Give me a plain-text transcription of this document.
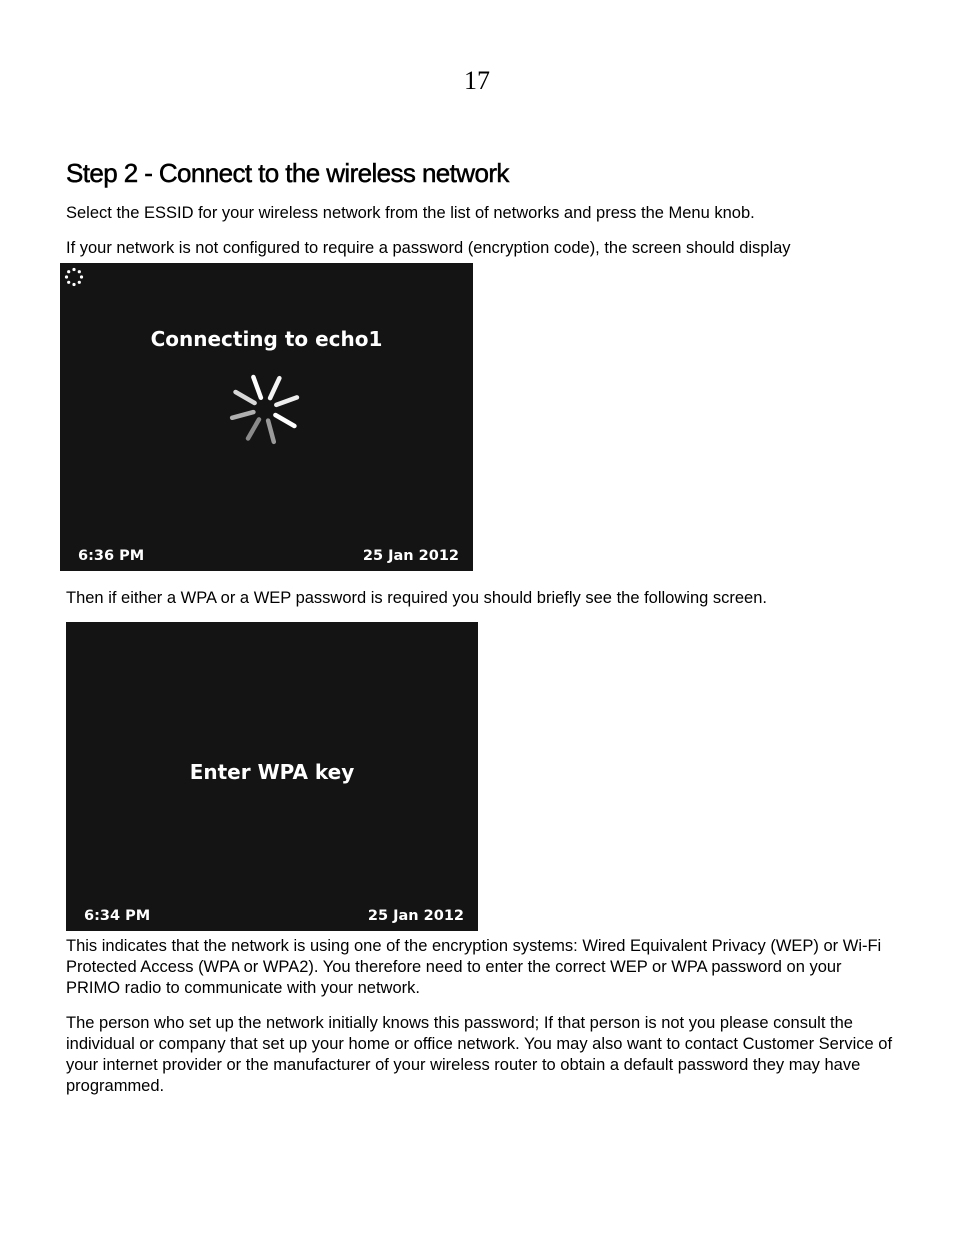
17
Step 2 - Connect to the wireless network

Select the ESSID for your wireless network from the list of networks and press the Menu knob.

If your network is not configured to require a password (encryption code), the screen should display

Connecting to echo1
6:36 PM	25 Jan 2012

Then if either a WPA or a WEP password is required you should briefly see the following screen.

Enter WPA key
6:34 PM	25 Jan 2012

This indicates that the network is using one of the encryption systems: Wired Equivalent Privacy (WEP) or Wi-Fi Protected Access (WPA or WPA2). You therefore need to enter the correct WEP or WPA password on your PRIMO radio to communicate with your network.

The person who set up the network initially knows this password; If that person is not you please consult the individual or company that set up your home or office network. You may also want to contact Customer Service of your internet provider or the manufacturer of your wireless router to obtain a default password they may have programmed.
